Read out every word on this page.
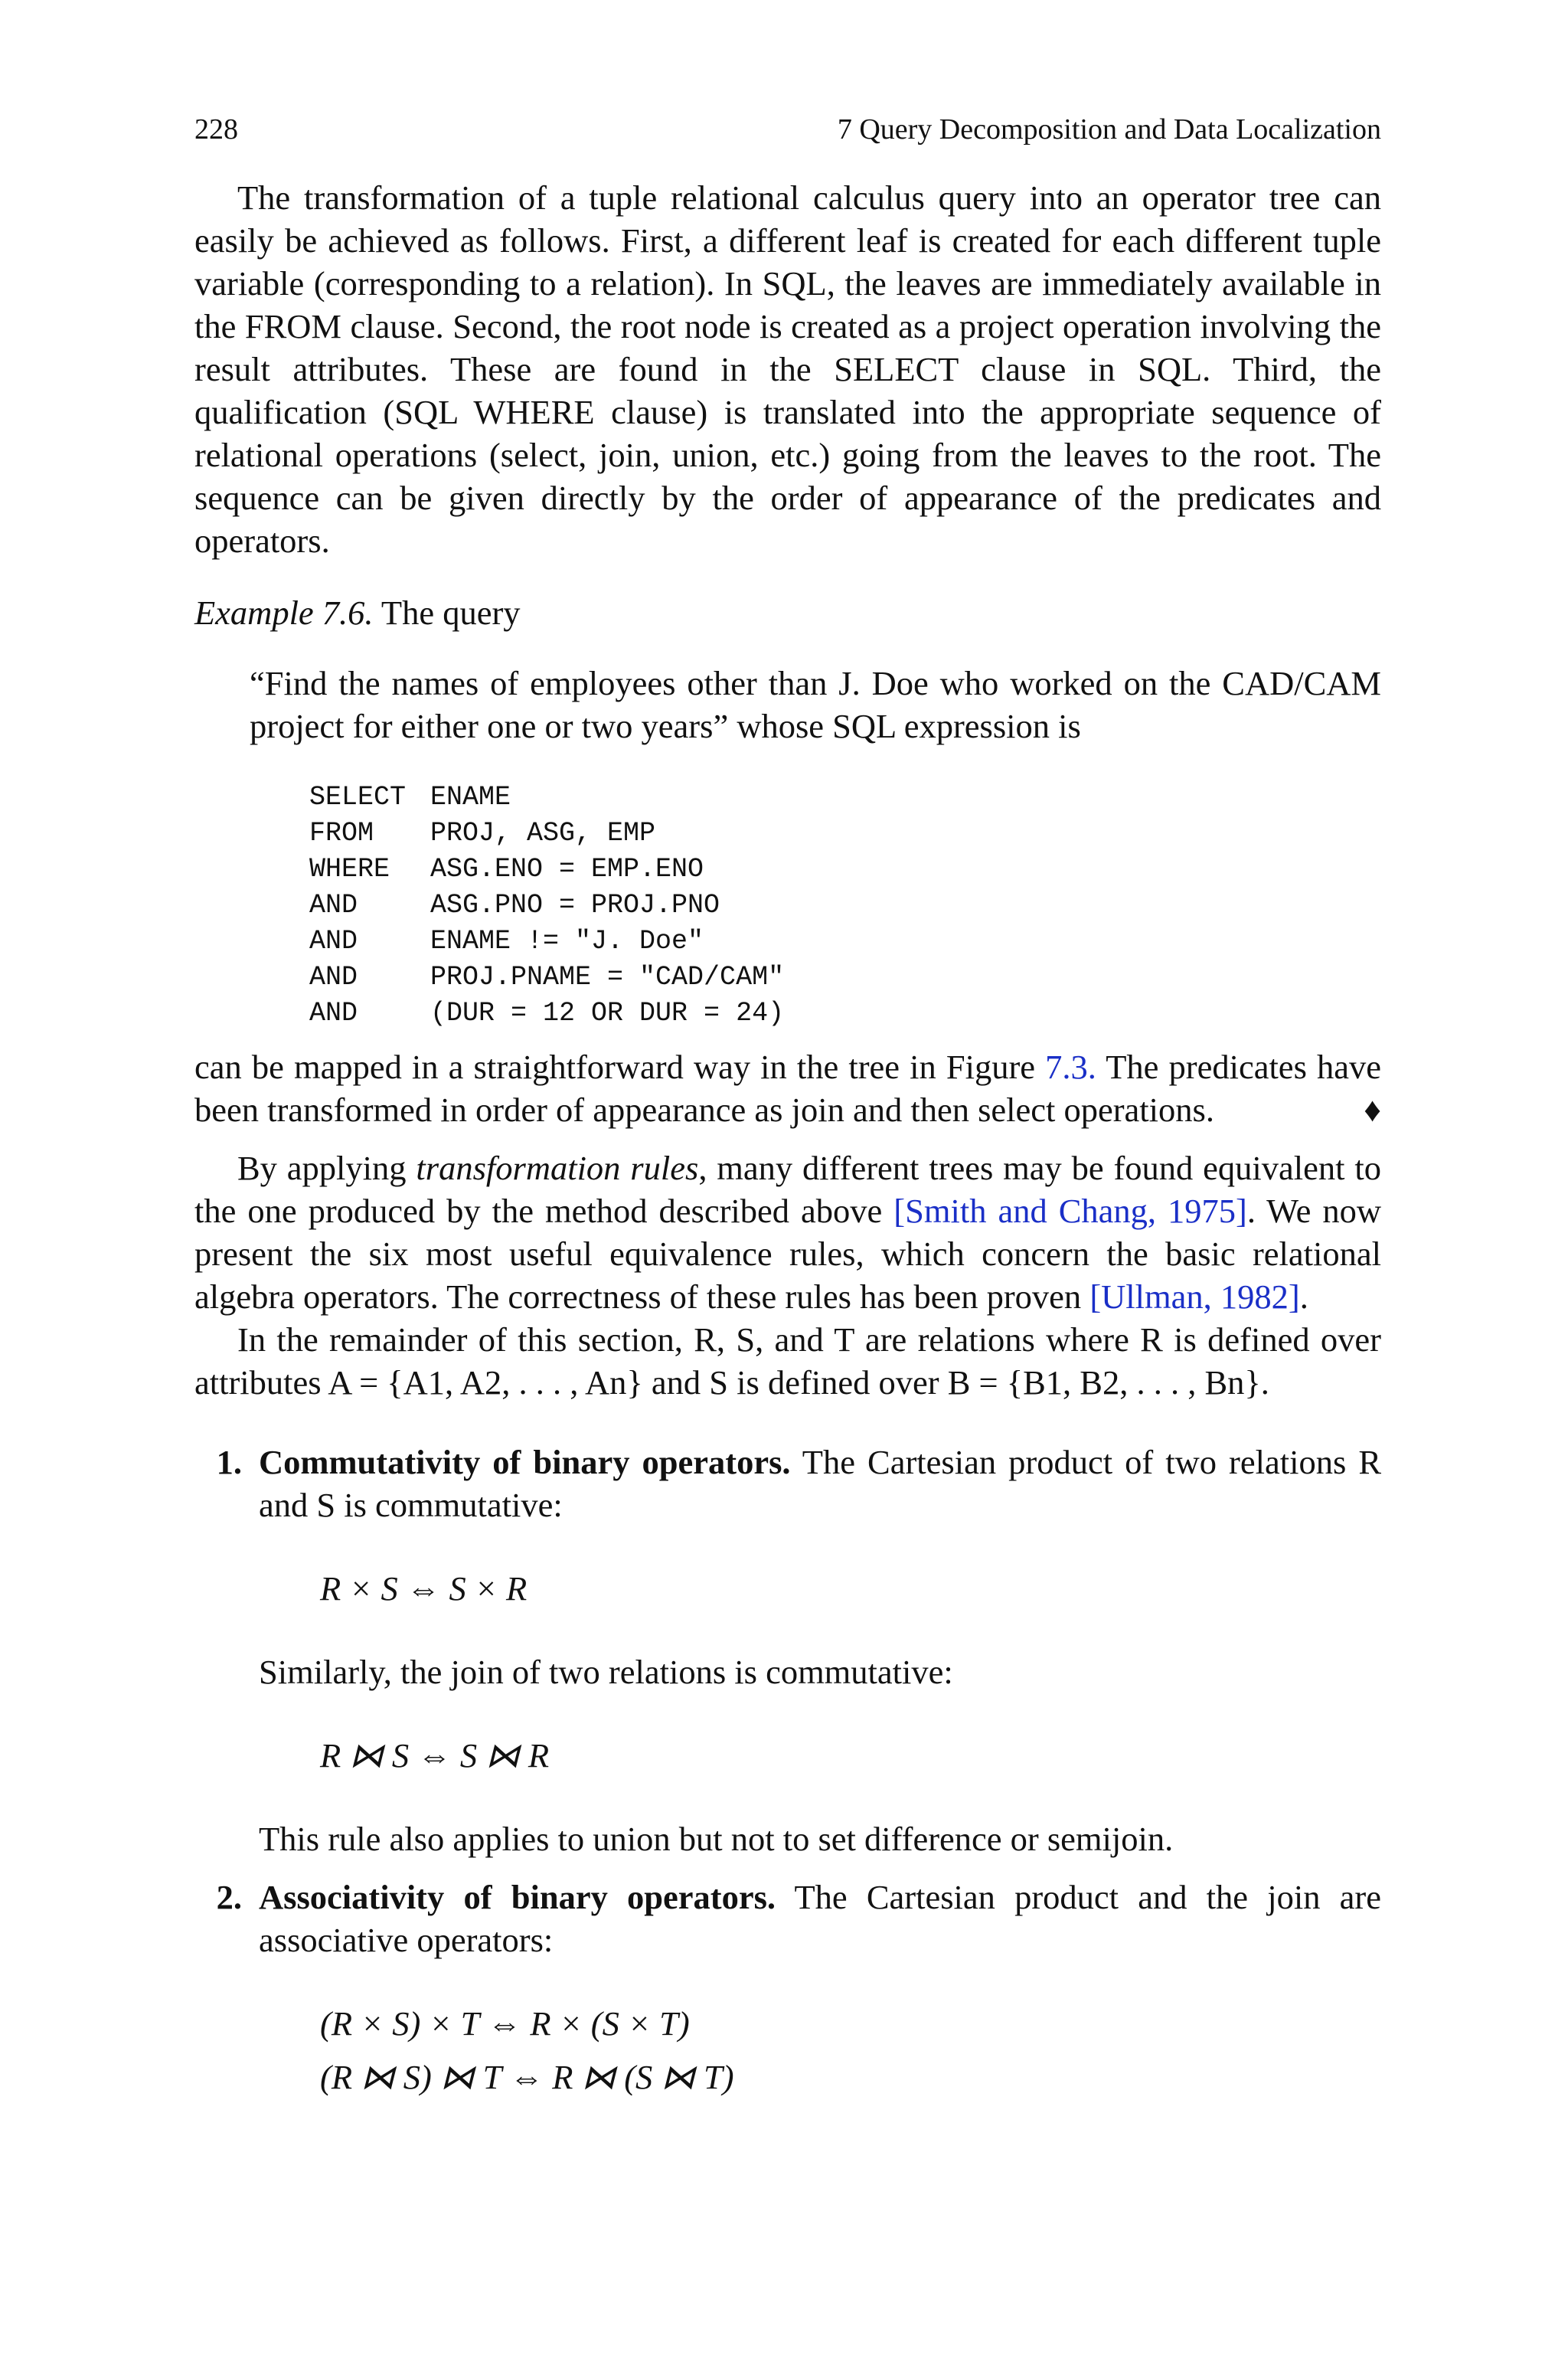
228	7 Query Decomposition and Data Localization

The transformation of a tuple relational calculus query into an operator tree can easily be achieved as follows. First, a different leaf is created for each different tuple variable (corresponding to a relation). In SQL, the leaves are immediately available in the FROM clause. Second, the root node is created as a project operation involving the result attributes. These are found in the SELECT clause in SQL. Third, the qualification (SQL WHERE clause) is translated into the appropriate sequence of relational operations (select, join, union, etc.) going from the leaves to the root. The sequence can be given directly by the order of appearance of the predicates and operators.

Example 7.6. The query

“Find the names of employees other than J. Doe who worked on the CAD/CAM project for either one or two years” whose SQL expression is

SELECT ENAME
FROM	PROJ, ASG, EMP
WHERE	ASG.ENO = EMP.ENO
AND	ASG.PNO = PROJ.PNO
AND	ENAME != "J. Doe"
AND	PROJ.PNAME = "CAD/CAM"
AND	(DUR = 12 OR DUR = 24)

can be mapped in a straightforward way in the tree in Figure 7.3. The predicates have been transformed in order of appearance as join and then select operations.	♦

By applying transformation rules, many different trees may be found equivalent to the one produced by the method described above [Smith and Chang, 1975]. We now present the six most useful equivalence rules, which concern the basic relational algebra operators. The correctness of these rules has been proven [Ullman, 1982].

In the remainder of this section, R, S, and T are relations where R is defined over attributes A = {A1, A2, . . . , An} and S is defined over B = {B1, B2, . . . , Bn}.

1. Commutativity of binary operators. The Cartesian product of two relations R and S is commutative:

R × S ⇔ S × R

Similarly, the join of two relations is commutative:

R ⋈ S ⇔ S ⋈ R

This rule also applies to union but not to set difference or semijoin.

2. Associativity of binary operators. The Cartesian product and the join are associative operators:

(R × S) × T ⇔ R × (S × T)
(R ⋈ S) ⋈ T ⇔ R ⋈ (S ⋈ T)
